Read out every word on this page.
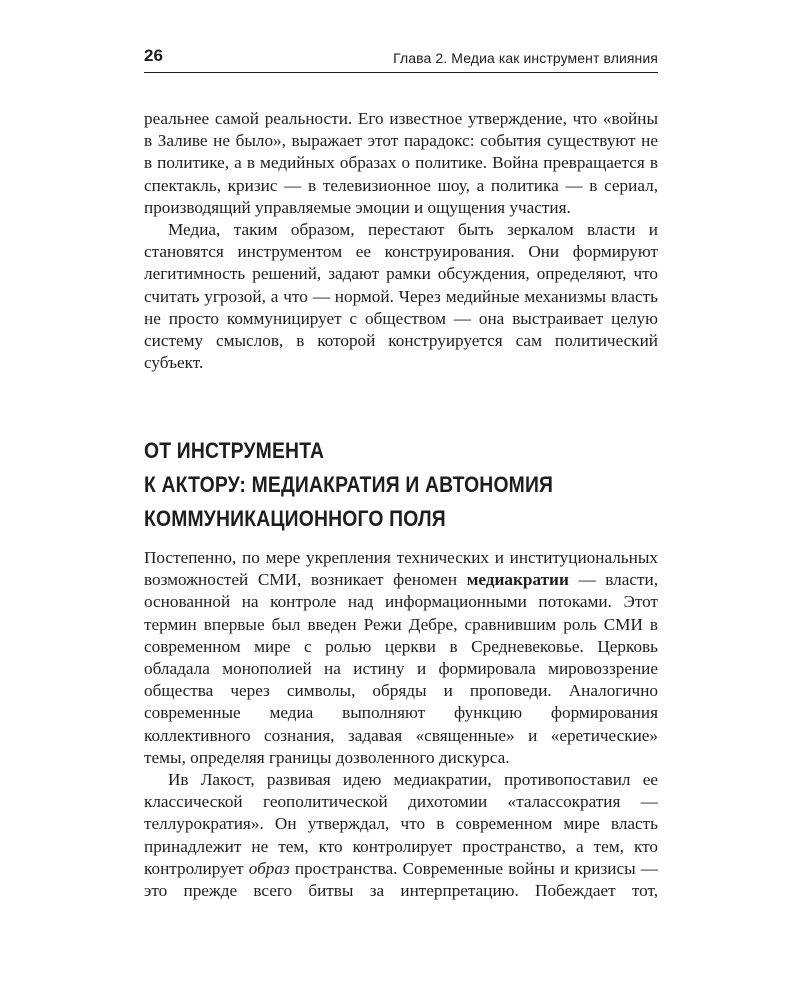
26	Глава 2. Медиа как инструмент влияния

реальнее самой реальности. Его известное утверждение, что «войны в Заливе не было», выражает этот парадокс: события существуют не в политике, а в медийных образах о политике. Война превращается в спектакль, кризис — в телевизионное шоу, а политика — в сериал, производящий управляемые эмоции и ощущения участия.

Медиа, таким образом, перестают быть зеркалом власти и становятся инструментом ее конструирования. Они формируют легитимность решений, задают рамки обсуждения, определяют, что считать угрозой, а что — нормой. Через медийные механизмы власть не просто коммуницирует с обществом — она выстраивает целую систему смыслов, в которой конструируется сам политический субъект.

ОТ ИНСТРУМЕНТА
К АКТОРУ: МЕДИАКРАТИЯ И АВТОНОМИЯ
КОММУНИКАЦИОННОГО ПОЛЯ

Постепенно, по мере укрепления технических и институциональных возможностей СМИ, возникает феномен медиакратии — власти, основанной на контроле над информационными потоками. Этот термин впервые был введен Режи Дебре, сравнившим роль СМИ в современном мире с ролью церкви в Средневековье. Церковь обладала монополией на истину и формировала мировоззрение общества через символы, обряды и проповеди. Аналогично современные медиа выполняют функцию формирования коллективного сознания, задавая «священные» и «еретические» темы, определяя границы дозволенного дискурса.

Ив Лакост, развивая идею медиакратии, противопоставил ее классической геополитической дихотомии «талассократия — теллурократия». Он утверждал, что в современном мире власть принадлежит не тем, кто контролирует пространство, а тем, кто контролирует образ пространства. Современные войны и кризисы — это прежде всего битвы за интерпретацию. Побеждает тот,
